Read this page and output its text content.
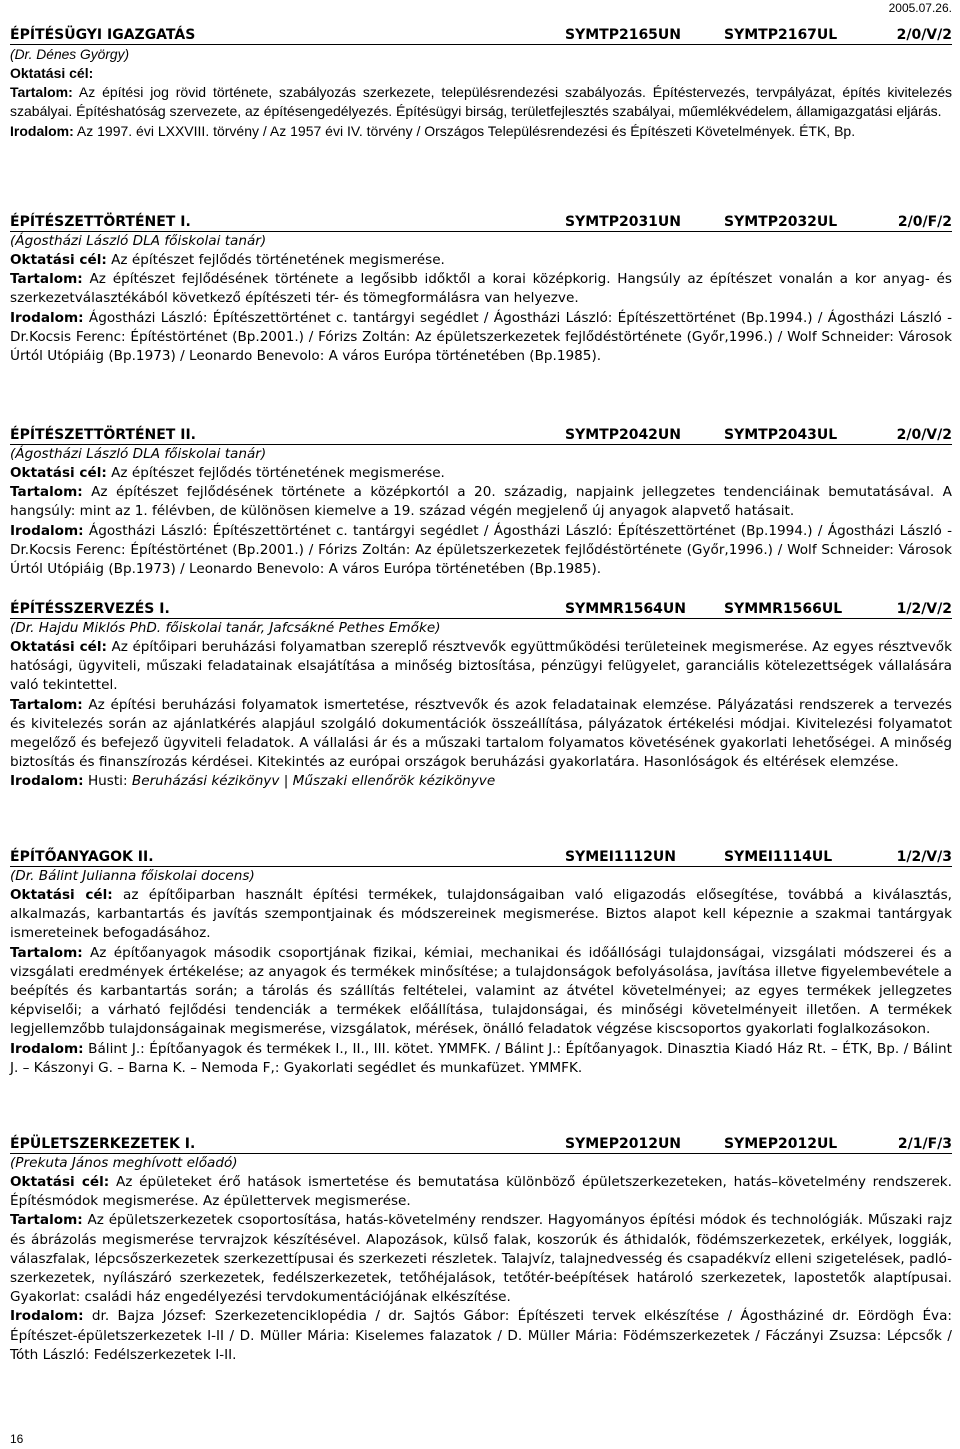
2005.07.26.
ÉPÍTÉSÜGYI IGAZGATÁS	SYMTP2165UN	SYMTP2167UL	2/0/V/2
(Dr. Dénes György)

Oktatási cél:

Tartalom: Az építési jog rövid története, szabályozás szerkezete, településrendezési szabályozás. Építéstervezés, tervpályázat, építés kivitelezés szabályai. Építéshatóság szervezete, az építésengedélyezés. Építésügyi birság, területfejlesztés szabályai, műemlékvédelem, államigazgatási eljárás.

Irodalom: Az 1997. évi LXXVIII. törvény / Az 1957 évi IV. törvény / Országos Településrendezési és Építészeti Követelmények. ÉTK, Bp.

ÉPÍTÉSZETTÖRTÉNET I.	SYMTP2031UN	SYMTP2032UL	2/0/F/2
(Ágostházi László DLA főiskolai tanár)

Oktatási cél: Az építészet fejlődés történetének megismerése.

Tartalom: Az építészet fejlődésének története a legősibb időktől a korai középkorig. Hangsúly az építészet vonalán a kor anyag- és szerkezetválasztékából következő építészeti tér- és tömegformálásra van helyezve.

Irodalom: Ágostházi László: Építészettörténet c. tantárgyi segédlet / Ágostházi László: Építészettörténet (Bp.1994.) / Ágostházi László - Dr.Kocsis Ferenc: Építéstörténet (Bp.2001.) / Fórizs Zoltán: Az épületszerkezetek fejlődéstörténete (Győr,1996.) / Wolf Schneider: Városok Úrtól Utópiáig (Bp.1973) / Leonardo Benevolo: A város Európa történetében (Bp.1985).

ÉPÍTÉSZETTÖRTÉNET II.	SYMTP2042UN	SYMTP2043UL	2/0/V/2
(Ágostházi László DLA főiskolai tanár)

Oktatási cél: Az építészet fejlődés történetének megismerése.

Tartalom: Az építészet fejlődésének története a középkortól a 20. századig, napjaink jellegzetes tendenciáinak bemutatásával. A hangsúly: mint az 1. félévben, de különösen kiemelve a 19. század végén megjelenő új anyagok alapvető hatásait.

Irodalom: Ágostházi László: Építészettörténet c. tantárgyi segédlet / Ágostházi László: Építészettörténet (Bp.1994.) / Ágostházi László - Dr.Kocsis Ferenc: Építéstörténet (Bp.2001.) / Fórizs Zoltán: Az épületszerkezetek fejlődéstörténete (Győr,1996.) / Wolf Schneider: Városok Úrtól Utópiáig (Bp.1973) / Leonardo Benevolo: A város Európa történetében (Bp.1985).

ÉPÍTÉSSZERVEZÉS I.	SYMMR1564UN	SYMMR1566UL	1/2/V/2
(Dr. Hajdu Miklós PhD. főiskolai tanár, Jafcsákné Pethes Emőke)

Oktatási cél: Az építőipari beruházási folyamatban szereplő résztvevők együttműködési területeinek megismerése. Az egyes résztvevők hatósági, ügyviteli, műszaki feladatainak elsajátítása a minőség biztosítása, pénzügyi felügyelet, garanciális kötelezettségek vállalására való tekintettel.

Tartalom: Az építési beruházási folyamatok ismertetése, résztvevők és azok feladatainak elemzése. Pályázatási rendszerek a tervezés és kivitelezés során az ajánlatkérés alapjául szolgáló dokumentációk összeállítása, pályázatok értékelési módjai. Kivitelezési folyamatot megelőző és befejező ügyviteli feladatok. A vállalási ár és a műszaki tartalom folyamatos követésének gyakorlati lehetőségei. A minőség biztosítás és finanszírozás kérdései. Kitekintés az európai országok beruházási gyakorlatára. Hasonlóságok és eltérések elemzése.

Irodalom: Husti: Beruházási kézikönyv | Műszaki ellenőrök kézikönyve

ÉPÍTŐANYAGOK II.	SYMEI1112UN	SYMEI1114UL	1/2/V/3
(Dr. Bálint Julianna főiskolai docens)

Oktatási cél: az építőiparban használt építési termékek, tulajdonságaiban való eligazodás elősegítése, továbbá a kiválasztás, alkalmazás, karbantartás és javítás szempontjainak és módszereinek megismerése. Biztos alapot kell képeznie a szakmai tantárgyak ismereteinek befogadásához.

Tartalom: Az építőanyagok második csoportjának fizikai, kémiai, mechanikai és időállósági tulajdonságai, vizsgálati módszerei és a vizsgálati eredmények értékelése; az anyagok és termékek minősítése; a tulajdonságok befolyásolása, javítása illetve figyelembevétele a beépítés és karbantartás során; a tárolás és szállítás feltételei, valamint az átvétel követelményei; az egyes termékek jellegzetes képviselői; a várható fejlődési tendenciák a termékek előállítása, tulajdonságai, és minőségi követelményeit illetően. A termékek legjellemzőbb tulajdonságainak megismerése, vizsgálatok, mérések, önálló feladatok végzése kiscsoportos gyakorlati foglalkozásokon.

Irodalom: Bálint J.: Építőanyagok és termékek I., II., III. kötet. YMMFK. / Bálint J.: Építőanyagok. Dinasztia Kiadó Ház Rt. – ÉTK, Bp. / Bálint J. – Kászonyi G. – Barna K. – Nemoda F,: Gyakorlati segédlet és munkafüzet. YMMFK.

ÉPÜLETSZERKEZETEK I.	SYMEP2012UN	SYMEP2012UL	2/1/F/3
(Prekuta János meghívott előadó)

Oktatási cél: Az épületeket érő hatások ismertetése és bemutatása különböző épületszerkezeteken, hatás–követelmény rendszerek. Építésmódok megismerése. Az épülettervek megismerése.

Tartalom: Az épületszerkezetek csoportosítása, hatás-követelmény rendszer. Hagyományos építési módok és technológiák. Műszaki rajz és ábrázolás megismerése tervrajzok készítésével. Alapozások, külső falak, koszorúk és áthidalók, födémszerkezetek, erkélyek, loggiák, válaszfalak, lépcsőszerkezetek szerkezettípusai és szerkezeti részletek. Talajvíz, talajnedvesség és csapadékvíz elleni szigetelések, padló-szerkezetek, nyílászáró szerkezetek, fedélszerkezetek, tetőhéjalások, tetőtér-beépítések határoló szerkezetek, lapostetők alaptípusai. Gyakorlat: családi ház engedélyezési tervdokumentációjának elkészítése.

Irodalom: dr. Bajza József: Szerkezetenciklopédia / dr. Sajtós Gábor: Építészeti tervek elkészítése / Ágostháziné dr. Eördögh Éva: Építészet-épületszerkezetek I-II / D. Müller Mária: Kiselemes falazatok / D. Müller Mária: Födémszerkezetek / Fáczányi Zsuzsa: Lépcsők / Tóth László: Fedélszerkezetek I-II.

16
